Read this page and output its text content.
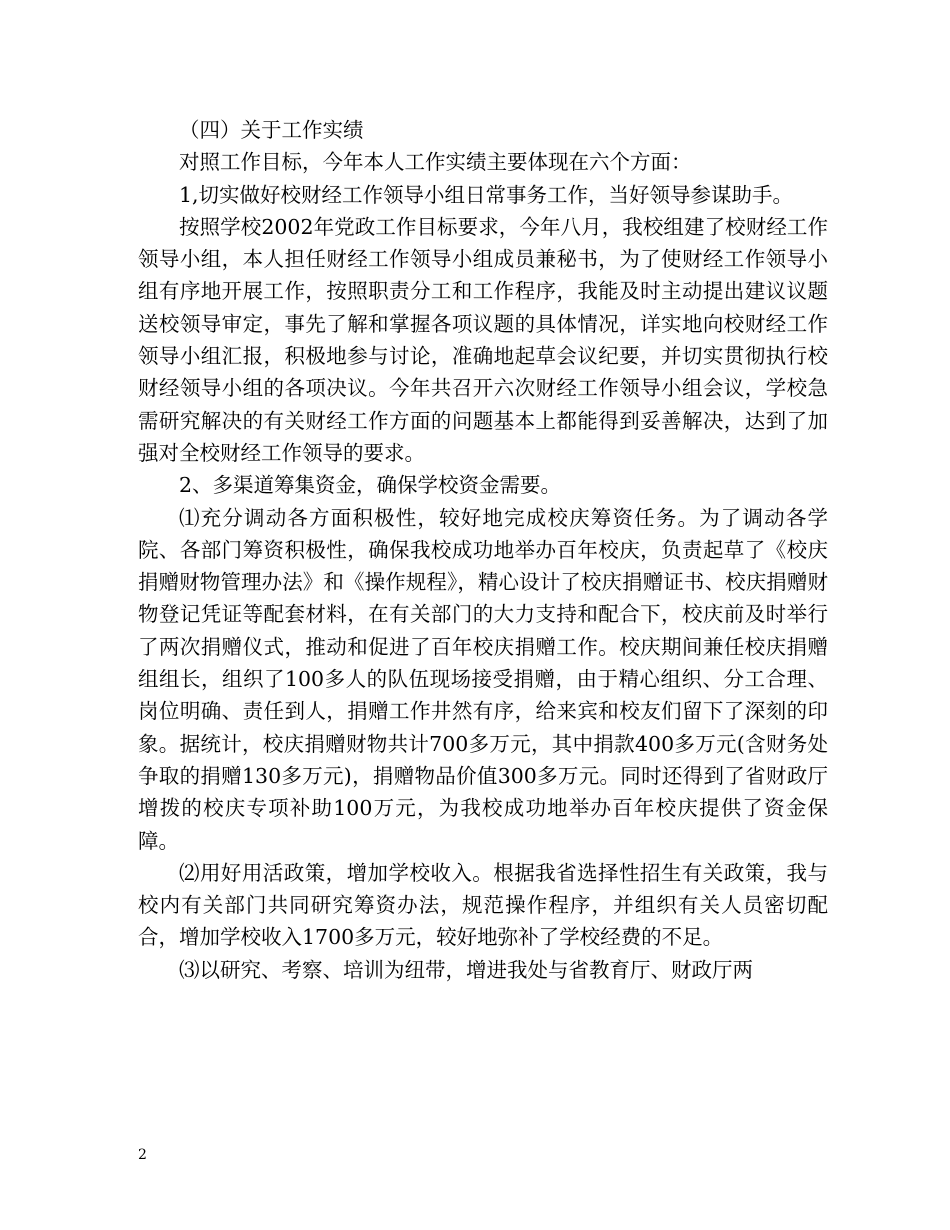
（四）关于工作实绩

对照工作目标，今年本人工作实绩主要体现在六个方面：

1,切实做好校财经工作领导小组日常事务工作，当好领导参谋助手。

按照学校2002年党政工作目标要求，今年八月，我校组建了校财经工作领导小组，本人担任财经工作领导小组成员兼秘书，为了使财经工作领导小组有序地开展工作，按照职责分工和工作程序，我能及时主动提出建议议题送校领导审定，事先了解和掌握各项议题的具体情况，详实地向校财经工作领导小组汇报，积极地参与讨论，准确地起草会议纪要，并切实贯彻执行校财经领导小组的各项决议。今年共召开六次财经工作领导小组会议，学校急需研究解决的有关财经工作方面的问题基本上都能得到妥善解决，达到了加强对全校财经工作领导的要求。

2、多渠道筹集资金，确保学校资金需要。

⑴充分调动各方面积极性，较好地完成校庆筹资任务。为了调动各学院、各部门筹资积极性，确保我校成功地举办百年校庆，负责起草了《校庆捐赠财物管理办法》和《操作规程》，精心设计了校庆捐赠证书、校庆捐赠财物登记凭证等配套材料，在有关部门的大力支持和配合下，校庆前及时举行了两次捐赠仪式，推动和促进了百年校庆捐赠工作。校庆期间兼任校庆捐赠组组长，组织了100多人的队伍现场接受捐赠，由于精心组织、分工合理、岗位明确、责任到人，捐赠工作井然有序，给来宾和校友们留下了深刻的印象。据统计，校庆捐赠财物共计700多万元，其中捐款400多万元(含财务处争取的捐赠130多万元)，捐赠物品价值300多万元。同时还得到了省财政厅增拨的校庆专项补助100万元，为我校成功地举办百年校庆提供了资金保障。

⑵用好用活政策，增加学校收入。根据我省选择性招生有关政策，我与校内有关部门共同研究筹资办法，规范操作程序，并组织有关人员密切配合，增加学校收入1700多万元，较好地弥补了学校经费的不足。

⑶以研究、考察、培训为纽带，增进我处与省教育厅、财政厅两

2
